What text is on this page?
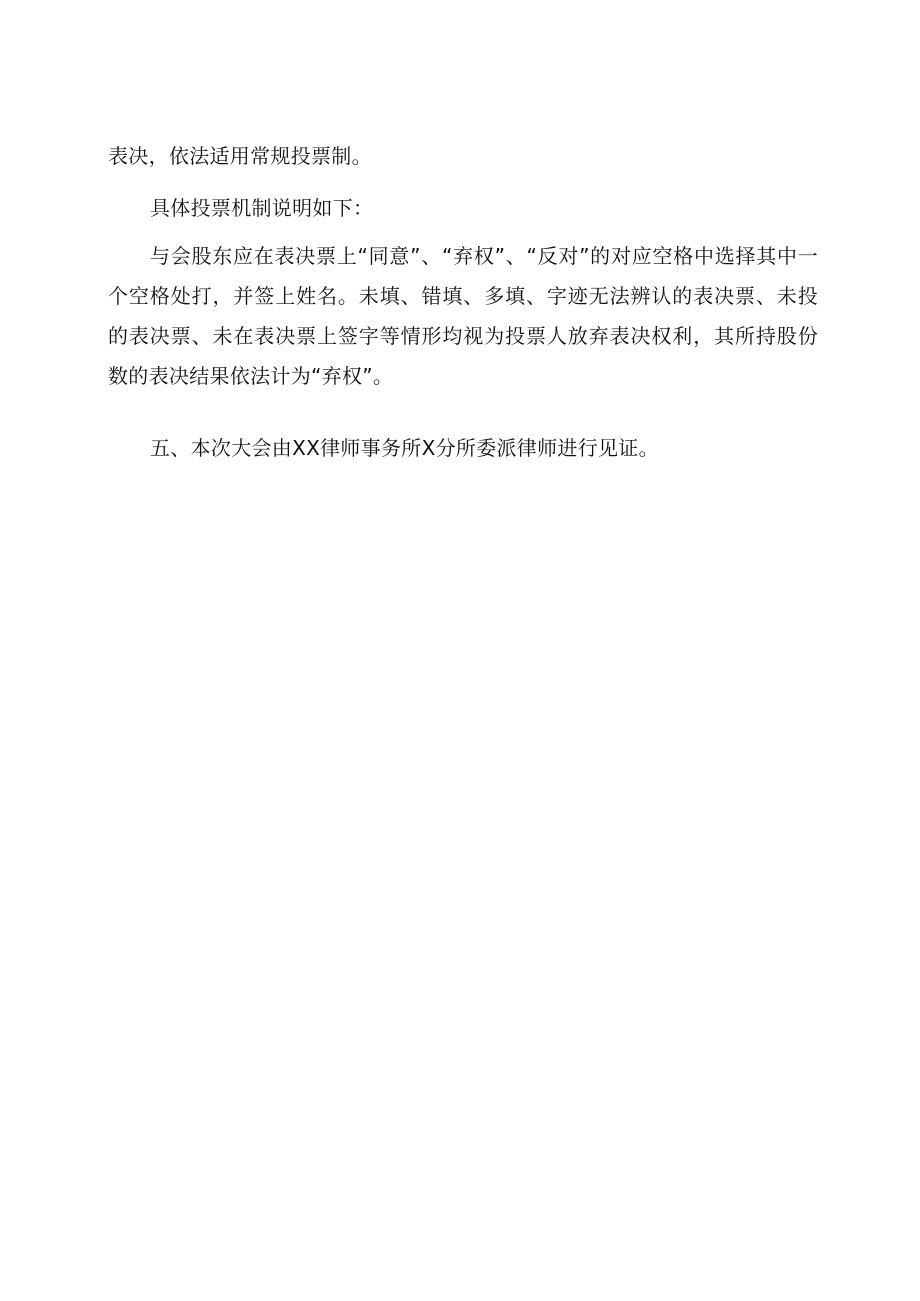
表决，依法适用常规投票制。

具体投票机制说明如下：

与会股东应在表决票上“同意”、“弃权”、“反对”的对应空格中选择其中一个空格处打，并签上姓名。未填、错填、多填、字迹无法辨认的表决票、未投的表决票、未在表决票上签字等情形均视为投票人放弃表决权利，其所持股份数的表决结果依法计为“弃权”。

五、本次大会由XX律师事务所X分所委派律师进行见证。
